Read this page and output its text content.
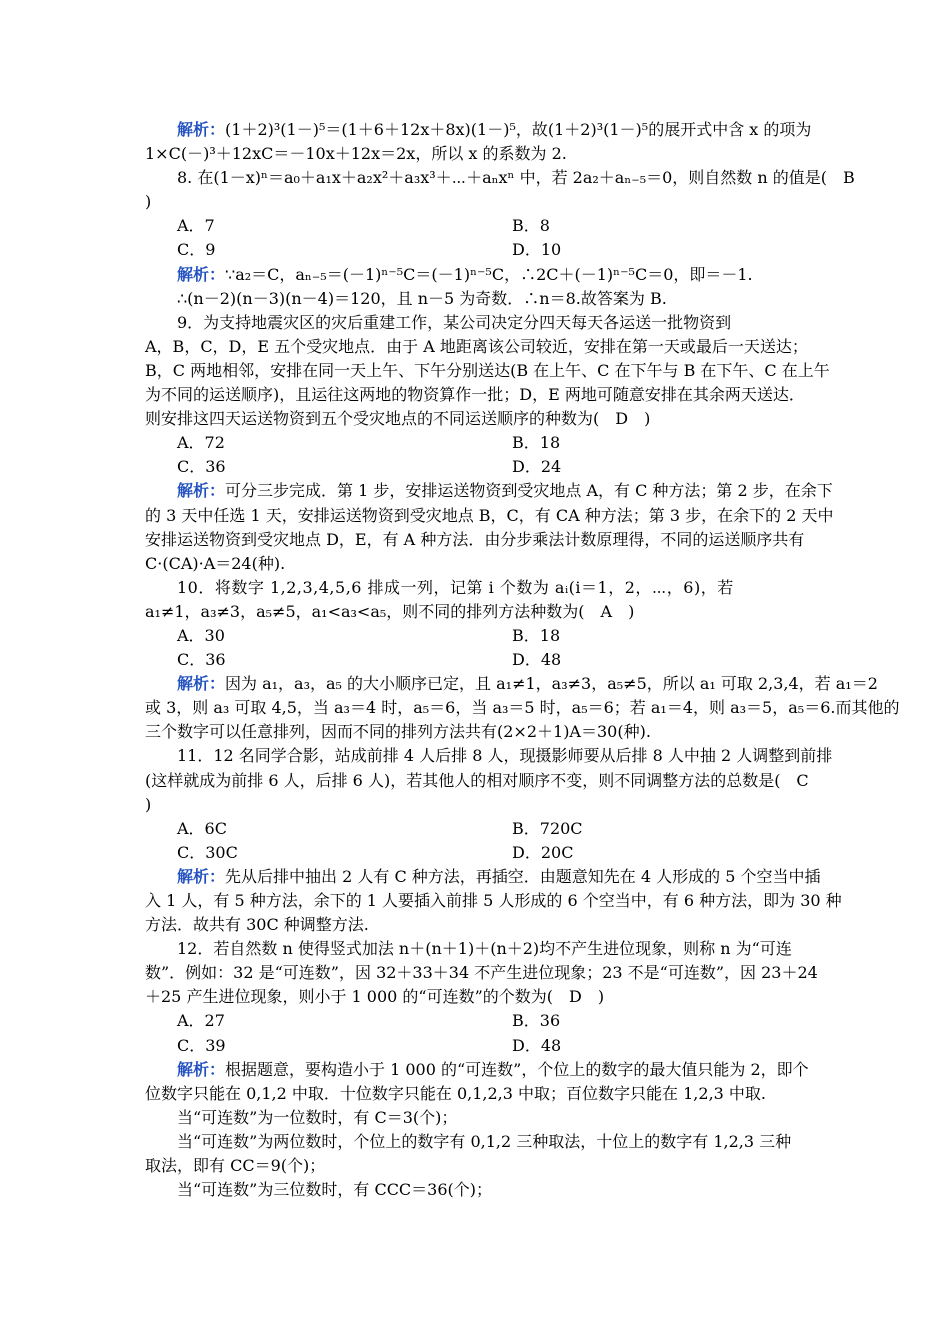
解析：(1＋2)³(1－)⁵＝(1＋6＋12x＋8x)(1－)⁵，故(1＋2)³(1－)⁵的展开式中含 x 的项为
1×C(－)³＋12xC＝－10x＋12x＝2x，所以 x 的系数为 2.
8. 在(1－x)ⁿ＝a₀＋a₁x＋a₂x²＋a₃x³＋⋯＋aₙxⁿ 中，若 2a₂＋aₙ₋₅＝0，则自然数 n 的值是(　B
)
A．7	B．8
C．9	D．10
解析：∵a₂＝C，aₙ₋₅＝(－1)ⁿ⁻⁵C＝(－1)ⁿ⁻⁵C，∴2C＋(－1)ⁿ⁻⁵C＝0，即＝－1.
∴(n－2)(n－3)(n－4)＝120，且 n－5 为奇数．∴n＝8.故答案为 B.
9．为支持地震灾区的灾后重建工作，某公司决定分四天每天各运送一批物资到
A，B，C，D，E 五个受灾地点．由于 A 地距离该公司较近，安排在第一天或最后一天送达；
B，C 两地相邻，安排在同一天上午、下午分别送达(B 在上午、C 在下午与 B 在下午、C 在上午
为不同的运送顺序)，且运往这两地的物资算作一批；D，E 两地可随意安排在其余两天送达．
则安排这四天运送物资到五个受灾地点的不同运送顺序的种数为(　D　)
A．72	B．18
C．36	D．24
解析：可分三步完成．第 1 步，安排运送物资到受灾地点 A，有 C 种方法；第 2 步，在余下
的 3 天中任选 1 天，安排运送物资到受灾地点 B，C，有 CA 种方法；第 3 步，在余下的 2 天中
安排运送物资到受灾地点 D，E，有 A 种方法．由分步乘法计数原理得，不同的运送顺序共有
C·(CA)·A＝24(种).
10．将数字 1,2,3,4,5,6 排成一列，记第 i 个数为 aᵢ(i＝1，2，⋯，6)，若
a₁≠1，a₃≠3，a₅≠5，a₁<a₃<a₅，则不同的排列方法种数为(　A　)
A．30	B．18
C．36	D．48
解析：因为 a₁，a₃，a₅ 的大小顺序已定，且 a₁≠1，a₃≠3，a₅≠5，所以 a₁ 可取 2,3,4，若 a₁＝2
或 3，则 a₃ 可取 4,5，当 a₃＝4 时，a₅＝6，当 a₃＝5 时，a₅＝6；若 a₁＝4，则 a₃＝5，a₅＝6.而其他的
三个数字可以任意排列，因而不同的排列方法共有(2×2＋1)A＝30(种).
11．12 名同学合影，站成前排 4 人后排 8 人，现摄影师要从后排 8 人中抽 2 人调整到前排
(这样就成为前排 6 人，后排 6 人)，若其他人的相对顺序不变，则不同调整方法的总数是(　C
)
A．6C	B．720C
C．30C	D．20C
解析：先从后排中抽出 2 人有 C 种方法，再插空．由题意知先在 4 人形成的 5 个空当中插
入 1 人，有 5 种方法，余下的 1 人要插入前排 5 人形成的 6 个空当中，有 6 种方法，即为 30 种
方法．故共有 30C 种调整方法.
12．若自然数 n 使得竖式加法 n＋(n＋1)＋(n＋2)均不产生进位现象，则称 n 为“可连
数”．例如：32 是“可连数”，因 32＋33＋34 不产生进位现象；23 不是“可连数”，因 23＋24
＋25 产生进位现象，则小于 1 000 的“可连数”的个数为(　D　)
A．27	B．36
C．39	D．48
解析：根据题意，要构造小于 1 000 的“可连数”，个位上的数字的最大值只能为 2，即个
位数字只能在 0,1,2 中取．十位数字只能在 0,1,2,3 中取；百位数字只能在 1,2,3 中取.
当“可连数”为一位数时，有 C＝3(个)；
当“可连数”为两位数时，个位上的数字有 0,1,2 三种取法，十位上的数字有 1,2,3 三种
取法，即有 CC＝9(个)；
当“可连数”为三位数时，有 CCC＝36(个)；
